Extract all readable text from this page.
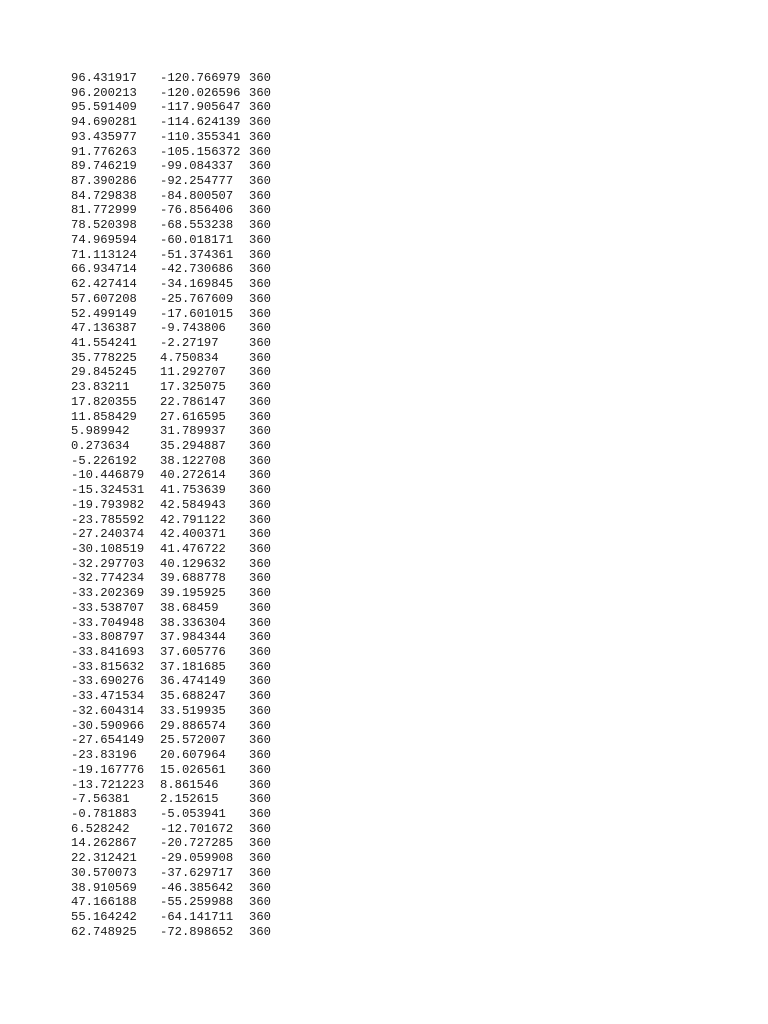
96.431917	-120.766979 360
96.200213	-120.026596 360
95.591409	-117.905647 360
94.690281	-114.624139 360
93.435977	-110.355341 360
91.776263	-105.156372 360
89.746219	-99.084337	360
87.390286	-92.254777	360
84.729838	-84.800507	360
81.772999	-76.856406	360
78.520398	-68.553238	360
74.969594	-60.018171	360
71.113124	-51.374361	360
66.934714	-42.730686	360
62.427414	-34.169845	360
57.607208	-25.767609	360
52.499149	-17.601015	360
47.136387	-9.743806	360
41.554241	-2.27197	360
35.778225	4.750834	360
29.845245	11.292707	360
23.83211	17.325075	360
17.820355	22.786147	360
11.858429	27.616595	360
5.989942	31.789937	360
0.273634	35.294887	360
-5.226192	38.122708	360
-10.446879	40.272614	360
-15.324531	41.753639	360
-19.793982	42.584943	360
-23.785592	42.791122	360
-27.240374	42.400371	360
-30.108519	41.476722	360
-32.297703	40.129632	360
-32.774234	39.688778	360
-33.202369	39.195925	360
-33.538707	38.68459	360
-33.704948	38.336304	360
-33.808797	37.984344	360
-33.841693	37.605776	360
-33.815632	37.181685	360
-33.690276	36.474149	360
-33.471534	35.688247	360
-32.604314	33.519935	360
-30.590966	29.886574	360
-27.654149	25.572007	360
-23.83196	20.607964	360
-19.167776	15.026561	360
-13.721223	8.861546	360
-7.56381	2.152615	360
-0.781883	-5.053941	360
6.528242	-12.701672	360
14.262867	-20.727285	360
22.312421	-29.059908	360
30.570073	-37.629717	360
38.910569	-46.385642	360
47.166188	-55.259988	360
55.164242	-64.141711	360
62.748925	-72.898652	360
